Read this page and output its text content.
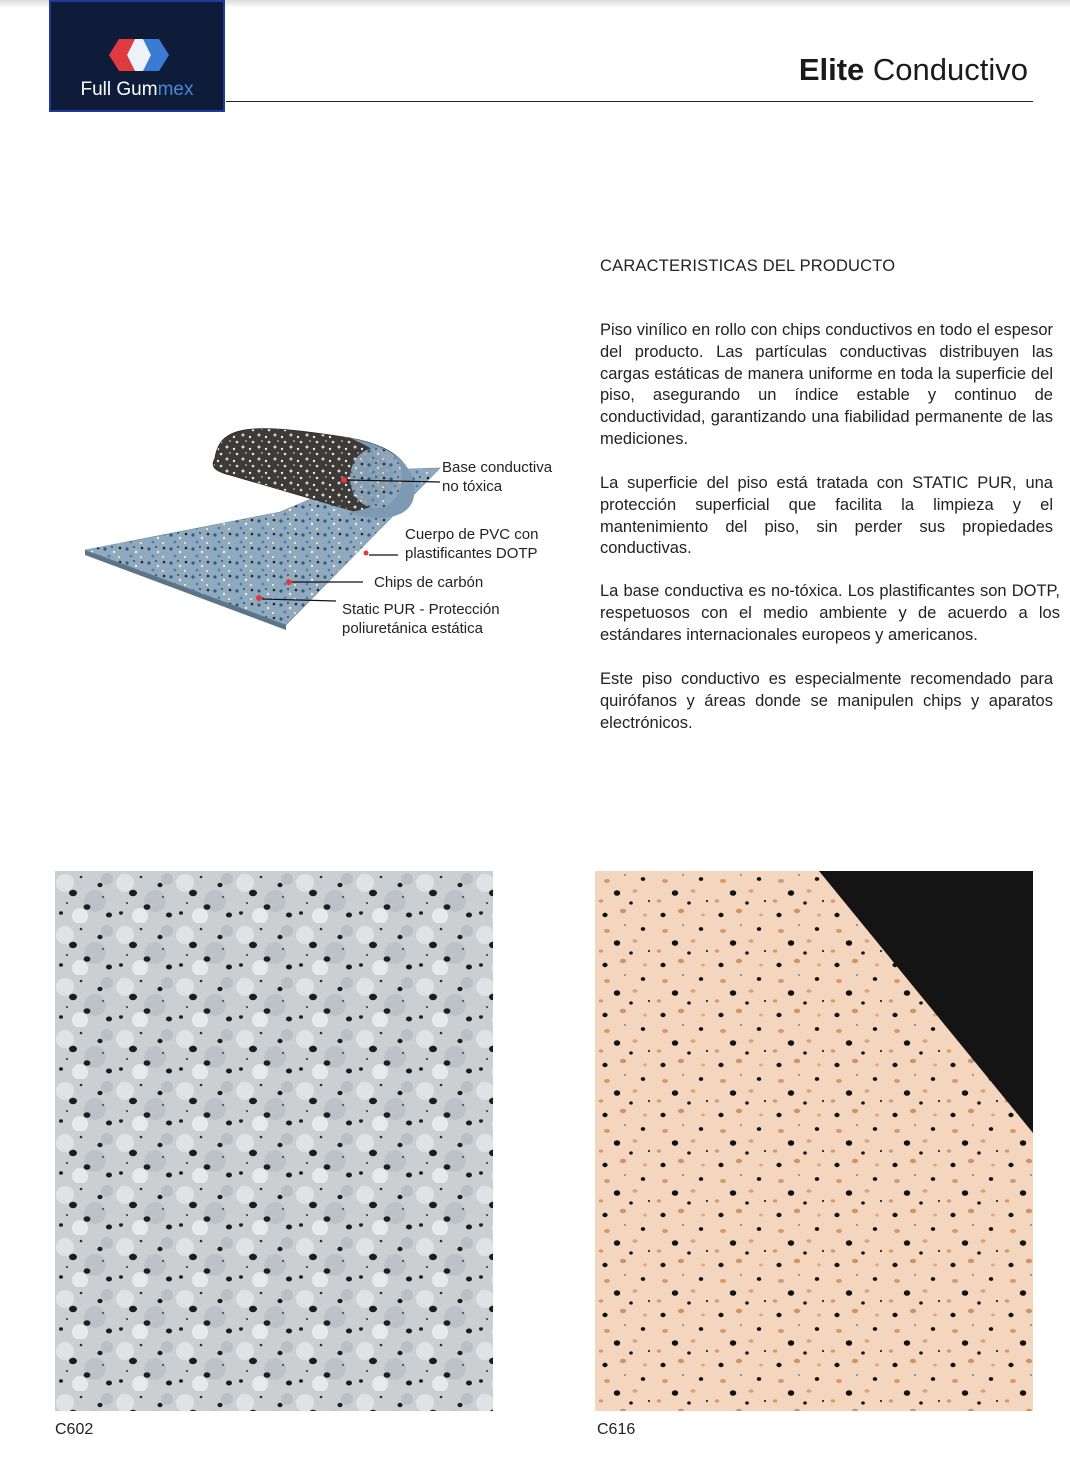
Full Gummex
Elite Conductivo
CARACTERISTICAS DEL PRODUCTO

Piso vinílico en rollo con chips conductivos en todo el espesor del producto. Las partículas conductivas distribuyen las cargas estáticas de manera uniforme en toda la superficie del piso, asegurando un índice estable y continuo de conductividad, garantizando una fiabilidad permanente de las mediciones.

La superficie del piso está tratada con STATIC PUR, una protección superficial que facilita la limpieza y el mantenimiento del piso, sin perder sus propiedades conductivas.

La base conductiva es no-tóxica. Los plastificantes son DOTP, respetuosos con el medio ambiente y de acuerdo a los estándares internacionales europeos y americanos.

Este piso conductivo es especialmente recomendado para quirófanos y áreas donde se manipulen chips y aparatos electrónicos.

Base conductiva
no tóxica
Cuerpo de PVC con
plastificantes DOTP
Chips de carbón
Static PUR - Protección
poliuretánica estática
C602	C616
